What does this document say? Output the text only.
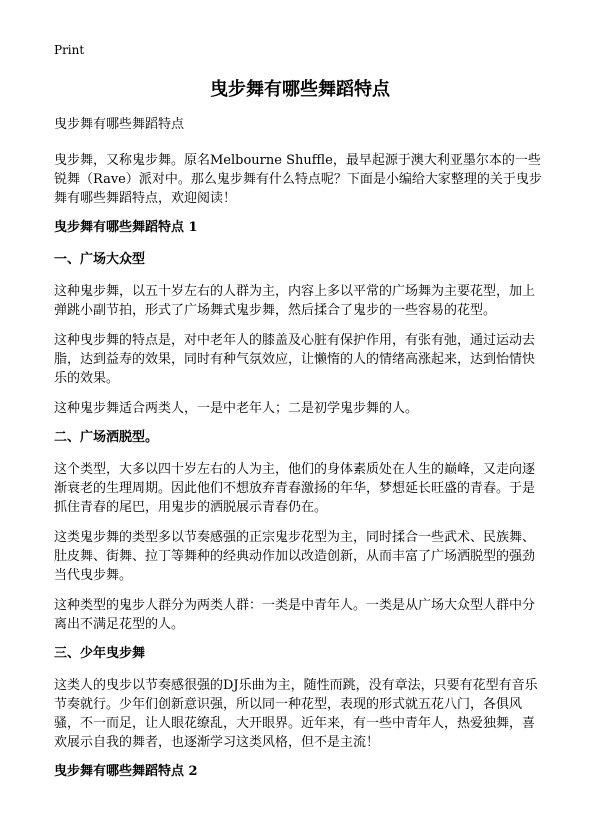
Print
曳步舞有哪些舞蹈特点
曳步舞有哪些舞蹈特点

曳步舞，又称鬼步舞。原名Melbourne Shuffle，最早起源于澳大利亚墨尔本的一些锐舞（Rave）派对中。那么鬼步舞有什么特点呢？下面是小编给大家整理的关于曳步舞有哪些舞蹈特点，欢迎阅读！

曳步舞有哪些舞蹈特点 1
一、广场大众型

这种鬼步舞，以五十岁左右的人群为主，内容上多以平常的广场舞为主要花型，加上弹跳小副节拍，形式了广场舞式鬼步舞，然后揉合了鬼步的一些容易的花型。

这种曳步舞的特点是，对中老年人的膝盖及心脏有保护作用，有张有弛，通过运动去脂，达到益寿的效果，同时有种气氛效应，让懒惰的人的情绪高涨起来，达到怡情快乐的效果。

这种鬼步舞适合两类人，一是中老年人；二是初学鬼步舞的人。

二、广场洒脱型。

这个类型，大多以四十岁左右的人为主，他们的身体素质处在人生的巅峰，又走向逐渐衰老的生理周期。因此他们不想放弃青春激扬的年华，梦想延长旺盛的青春。于是抓住青春的尾巴，用鬼步的洒脱展示青春仍在。

这类鬼步舞的类型多以节奏感强的正宗鬼步花型为主，同时揉合一些武术、民族舞、肚皮舞、街舞、拉丁等舞种的经典动作加以改造创新，从而丰富了广场洒脱型的强劲当代曳步舞。

这种类型的鬼步人群分为两类人群：一类是中青年人。一类是从广场大众型人群中分离出不满足花型的人。

三、少年曳步舞

这类人的曳步以节奏感很强的DJ乐曲为主，随性而跳，没有章法，只要有花型有音乐节奏就行。少年们创新意识强，所以同一种花型，表现的形式就五花八门，各俱风骚，不一而足，让人眼花缭乱，大开眼界。近年来，有一些中青年人，热爱独舞，喜欢展示自我的舞者，也逐渐学习这类风格，但不是主流！

曳步舞有哪些舞蹈特点 2
